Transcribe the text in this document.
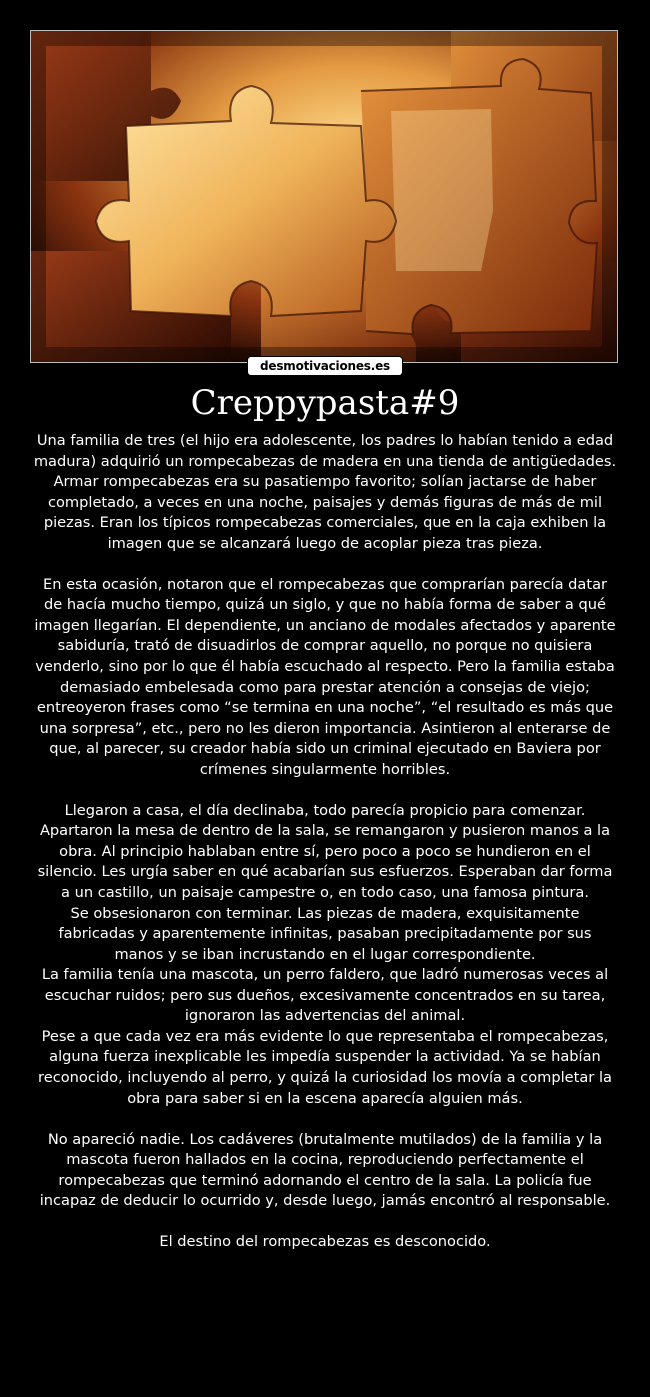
desmotivaciones.es
Creppypasta#9

Una familia de tres (el hijo era adolescente, los padres lo habían tenido a edad madura) adquirió un rompecabezas de madera en una tienda de antigüedades. Armar rompecabezas era su pasatiempo favorito; solían jactarse de haber completado, a veces en una noche, paisajes y demás figuras de más de mil piezas. Eran los típicos rompecabezas comerciales, que en la caja exhiben la imagen que se alcanzará luego de acoplar pieza tras pieza.

En esta ocasión, notaron que el rompecabezas que comprarían parecía datar de hacía mucho tiempo, quizá un siglo, y que no había forma de saber a qué imagen llegarían. El dependiente, un anciano de modales afectados y aparente sabiduría, trató de disuadirlos de comprar aquello, no porque no quisiera venderlo, sino por lo que él había escuchado al respecto. Pero la familia estaba demasiado embelesada como para prestar atención a consejas de viejo; entreoyeron frases como “se termina en una noche”, “el resultado es más que una sorpresa”, etc., pero no les dieron importancia. Asintieron al enterarse de que, al parecer, su creador había sido un criminal ejecutado en Baviera por crímenes singularmente horribles.

Llegaron a casa, el día declinaba, todo parecía propicio para comenzar. Apartaron la mesa de dentro de la sala, se remangaron y pusieron manos a la obra. Al principio hablaban entre sí, pero poco a poco se hundieron en el silencio. Les urgía saber en qué acabarían sus esfuerzos. Esperaban dar forma a un castillo, un paisaje campestre o, en todo caso, una famosa pintura.

Se obsesionaron con terminar. Las piezas de madera, exquisitamente fabricadas y aparentemente infinitas, pasaban precipitadamente por sus manos y se iban incrustando en el lugar correspondiente.

La familia tenía una mascota, un perro faldero, que ladró numerosas veces al escuchar ruidos; pero sus dueños, excesivamente concentrados en su tarea, ignoraron las advertencias del animal.

Pese a que cada vez era más evidente lo que representaba el rompecabezas, alguna fuerza inexplicable les impedía suspender la actividad. Ya se habían reconocido, incluyendo al perro, y quizá la curiosidad los movía a completar la obra para saber si en la escena aparecía alguien más.

No apareció nadie. Los cadáveres (brutalmente mutilados) de la familia y la mascota fueron hallados en la cocina, reproduciendo perfectamente el rompecabezas que terminó adornando el centro de la sala. La policía fue incapaz de deducir lo ocurrido y, desde luego, jamás encontró al responsable.

El destino del rompecabezas es desconocido.
